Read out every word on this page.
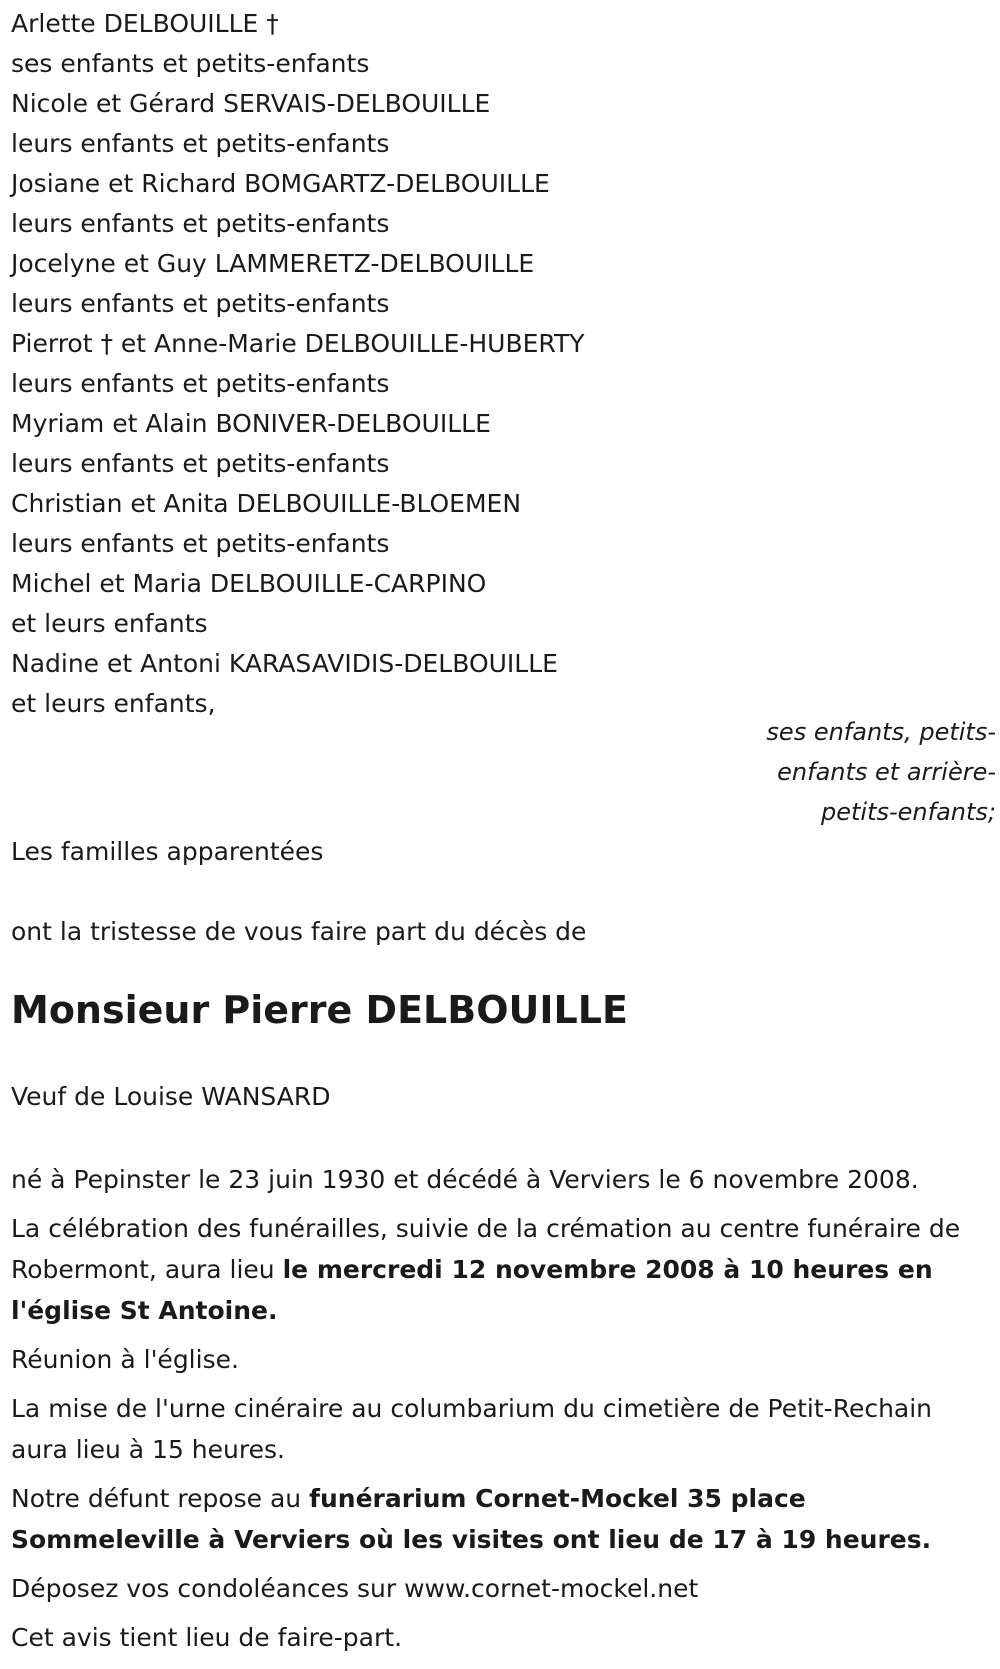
Arlette DELBOUILLE †
ses enfants et petits-enfants
Nicole et Gérard SERVAIS-DELBOUILLE
leurs enfants et petits-enfants
Josiane et Richard BOMGARTZ-DELBOUILLE
leurs enfants et petits-enfants
Jocelyne et Guy LAMMERETZ-DELBOUILLE
leurs enfants et petits-enfants
Pierrot † et Anne-Marie DELBOUILLE-HUBERTY
leurs enfants et petits-enfants
Myriam et Alain BONIVER-DELBOUILLE
leurs enfants et petits-enfants
Christian et Anita DELBOUILLE-BLOEMEN
leurs enfants et petits-enfants
Michel et Maria DELBOUILLE-CARPINO
et leurs enfants
Nadine et Antoni KARASAVIDIS-DELBOUILLE
et leurs enfants,
ses enfants, petits-
enfants et arrière-
petits-enfants;
Les familles apparentées
ont la tristesse de vous faire part du décès de
Monsieur Pierre DELBOUILLE
Veuf de Louise WANSARD

né à Pepinster le 23 juin 1930 et décédé à Verviers le 6 novembre 2008.

La célébration des funérailles, suivie de la crémation au centre funéraire de Robermont, aura lieu le mercredi 12 novembre 2008 à 10 heures en l'église St Antoine.

Réunion à l'église.

La mise de l'urne cinéraire au columbarium du cimetière de Petit-Rechain aura lieu à 15 heures.

Notre défunt repose au funérarium Cornet-Mockel 35 place Sommeleville à Verviers où les visites ont lieu de 17 à 19 heures.

Déposez vos condoléances sur www.cornet-mockel.net

Cet avis tient lieu de faire-part.
